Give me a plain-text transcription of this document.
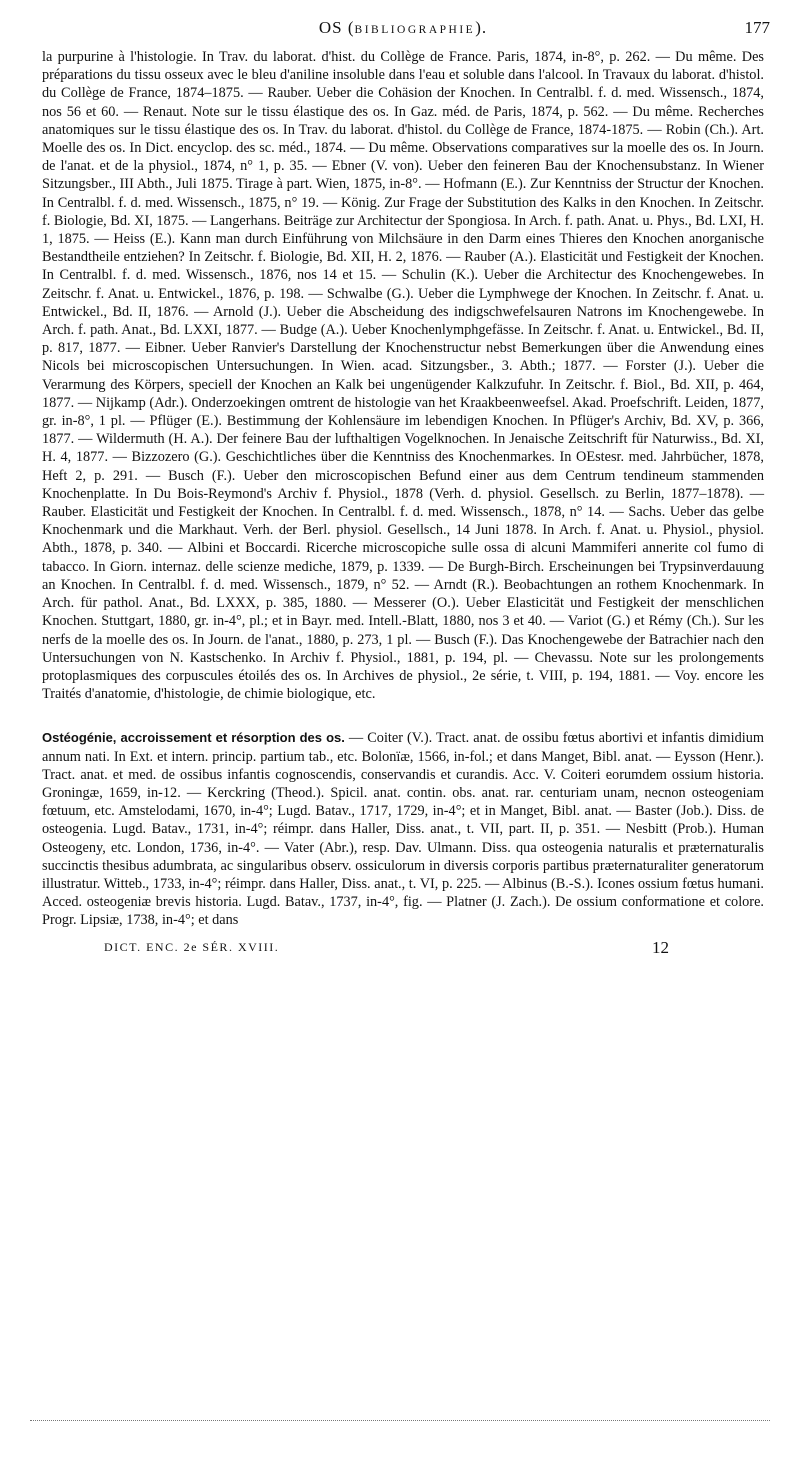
OS (BIBLIOGRAPHIE).	177

la purpurine à l'histologie. In Trav. du laborat. d'hist. du Collège de France. Paris, 1874, in-8°, p. 262. — Du même. Des préparations du tissu osseux avec le bleu d'aniline insoluble dans l'eau et soluble dans l'alcool. In Travaux du laborat. d'histol. du Collège de France, 1874–1875. — Rauber. Ueber die Cohäsion der Knochen. In Centralbl. f. d. med. Wissensch., 1874, nos 56 et 60. — Renaut. Note sur le tissu élastique des os. In Gaz. méd. de Paris, 1874, p. 562. — Du même. Recherches anatomiques sur le tissu élastique des os. In Trav. du laborat. d'histol. du Collège de France, 1874-1875. — Robin (Ch.). Art. Moelle des os. In Dict. encyclop. des sc. méd., 1874. — Du même. Observations comparatives sur la moelle des os. In Journ. de l'anat. et de la physiol., 1874, n° 1, p. 35. — Ebner (V. von). Ueber den feineren Bau der Knochensubstanz. In Wiener Sitzungsber., III Abth., Juli 1875. Tirage à part. Wien, 1875, in-8°. — Hofmann (E.). Zur Kenntniss der Structur der Knochen. In Centralbl. f. d. med. Wissensch., 1875, n° 19. — König. Zur Frage der Substitution des Kalks in den Knochen. In Zeitschr. f. Biologie, Bd. XI, 1875. — Langerhans. Beiträge zur Architectur der Spongiosa. In Arch. f. path. Anat. u. Phys., Bd. LXI, H. 1, 1875. — Heiss (E.). Kann man durch Einführung von Milchsäure in den Darm eines Thieres den Knochen anorganische Bestandtheile entziehen? In Zeitschr. f. Biologie, Bd. XII, H. 2, 1876. — Rauber (A.). Elasticität und Festigkeit der Knochen. In Centralbl. f. d. med. Wissensch., 1876, nos 14 et 15. — Schulin (K.). Ueber die Architectur des Knochengewebes. In Zeitschr. f. Anat. u. Entwickel., 1876, p. 198. — Schwalbe (G.). Ueber die Lymphwege der Knochen. In Zeitschr. f. Anat. u. Entwickel., Bd. II, 1876. — Arnold (J.). Ueber die Abscheidung des indigschwefelsauren Natrons im Knochengewebe. In Arch. f. path. Anat., Bd. LXXI, 1877. — Budge (A.). Ueber Knochenlymphgefässe. In Zeitschr. f. Anat. u. Entwickel., Bd. II, p. 817, 1877. — Eibner. Ueber Ranvier's Darstellung der Knochenstructur nebst Bemerkungen über die Anwendung eines Nicols bei microscopischen Untersuchungen. In Wien. acad. Sitzungsber., 3. Abth.; 1877. — Forster (J.). Ueber die Verarmung des Körpers, speciell der Knochen an Kalk bei ungenügender Kalkzufuhr. In Zeitschr. f. Biol., Bd. XII, p. 464, 1877. — Nijkamp (Adr.). Onderzoekingen omtrent de histologie van het Kraakbeenweefsel. Akad. Proefschrift. Leiden, 1877, gr. in-8°, 1 pl. — Pflüger (E.). Bestimmung der Kohlensäure im lebendigen Knochen. In Pflüger's Archiv, Bd. XV, p. 366, 1877. — Wildermuth (H. A.). Der feinere Bau der lufthaltigen Vogelknochen. In Jenaische Zeitschrift für Naturwiss., Bd. XI, H. 4, 1877. — Bizzozero (G.). Geschichtliches über die Kenntniss des Knochenmarkes. In OEstesr. med. Jahrbücher, 1878, Heft 2, p. 291. — Busch (F.). Ueber den microscopischen Befund einer aus dem Centrum tendineum stammenden Knochenplatte. In Du Bois-Reymond's Archiv f. Physiol., 1878 (Verh. d. physiol. Gesellsch. zu Berlin, 1877–1878). — Rauber. Elasticität und Festigkeit der Knochen. In Centralbl. f. d. med. Wissensch., 1878, n° 14. — Sachs. Ueber das gelbe Knochenmark und die Markhaut. Verh. der Berl. physiol. Gesellsch., 14 Juni 1878. In Arch. f. Anat. u. Physiol., physiol. Abth., 1878, p. 340. — Albini et Boccardi. Ricerche microscopiche sulle ossa di alcuni Mammiferi annerite col fumo di tabacco. In Giorn. internaz. delle scienze mediche, 1879, p. 1339. — De Burgh-Birch. Erscheinungen bei Trypsinverdauung an Knochen. In Centralbl. f. d. med. Wissensch., 1879, n° 52. — Arndt (R.). Beobachtungen an rothem Knochenmark. In Arch. für pathol. Anat., Bd. LXXX, p. 385, 1880. — Messerer (O.). Ueber Elasticität und Festigkeit der menschlichen Knochen. Stuttgart, 1880, gr. in-4°, pl.; et in Bayr. med. Intell.-Blatt, 1880, nos 3 et 40. — Variot (G.) et Rémy (Ch.). Sur les nerfs de la moelle des os. In Journ. de l'anat., 1880, p. 273, 1 pl. — Busch (F.). Das Knochengewebe der Batrachier nach den Untersuchungen von N. Kastschenko. In Archiv f. Physiol., 1881, p. 194, pl. — Chevassu. Note sur les prolongements protoplasmiques des corpuscules étoilés des os. In Archives de physiol., 2e série, t. VIII, p. 194, 1881. — Voy. encore les Traités d'anatomie, d'histologie, de chimie biologique, etc.

Ostéogénie, accroissement et résorption des os. — Coiter (V.). Tract. anat. de ossibu fœtus abortivi et infantis dimidium annum nati. In Ext. et intern. princip. partium tab., etc. Bolonïæ, 1566, in-fol.; et dans Manget, Bibl. anat. — Eysson (Henr.). Tract. anat. et med. de ossibus infantis cognoscendis, conservandis et curandis. Acc. V. Coiteri eorumdem ossium historia. Groningæ, 1659, in-12. — Kerckring (Theod.). Spicil. anat. contin. obs. anat. rar. centuriam unam, necnon osteogeniam fœtuum, etc. Amstelodami, 1670, in-4°; Lugd. Batav., 1717, 1729, in-4°; et in Manget, Bibl. anat. — Baster (Job.). Diss. de osteogenia. Lugd. Batav., 1731, in-4°; réimpr. dans Haller, Diss. anat., t. VII, part. II, p. 351. — Nesbitt (Prob.). Human Osteogeny, etc. London, 1736, in-4°. — Vater (Abr.), resp. Dav. Ulmann. Diss. qua osteogenia naturalis et præternaturalis succinctis thesibus adumbrata, ac singularibus observ. ossiculorum in diversis corporis partibus præternaturaliter generatorum illustratur. Witteb., 1733, in-4°; réimpr. dans Haller, Diss. anat., t. VI, p. 225. — Albinus (B.-S.). Icones ossium fœtus humani. Acced. osteogeniæ brevis historia. Lugd. Batav., 1737, in-4°, fig. — Platner (J. Zach.). De ossium conformatione et colore. Progr. Lipsiæ, 1738, in-4°; et dans

DICT. ENC. 2e SÉR. XVIII.	12
